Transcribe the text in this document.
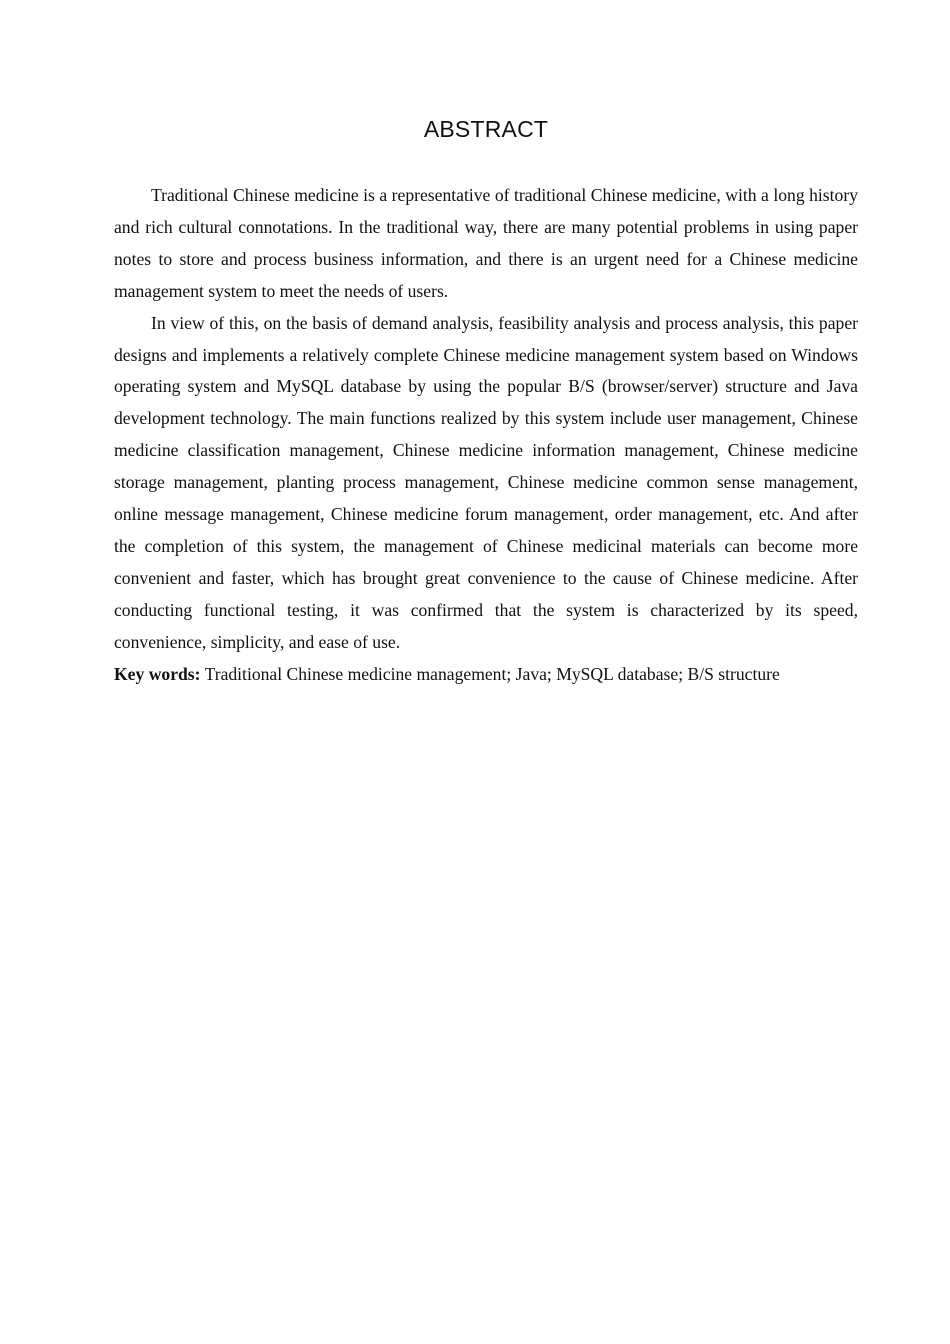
ABSTRACT

Traditional Chinese medicine is a representative of traditional Chinese medicine, with a long history and rich cultural connotations. In the traditional way, there are many potential problems in using paper notes to store and process business information, and there is an urgent need for a Chinese medicine management system to meet the needs of users.

In view of this, on the basis of demand analysis, feasibility analysis and process analysis, this paper designs and implements a relatively complete Chinese medicine management system based on Windows operating system and MySQL database by using the popular B/S (browser/server) structure and Java development technology. The main functions realized by this system include user management, Chinese medicine classification management, Chinese medicine information management, Chinese medicine storage management, planting process management, Chinese medicine common sense management, online message management, Chinese medicine forum management, order management, etc. And after the completion of this system, the management of Chinese medicinal materials can become more convenient and faster, which has brought great convenience to the cause of Chinese medicine. After conducting functional testing, it was confirmed that the system is characterized by its speed, convenience, simplicity, and ease of use.

Key words: Traditional Chinese medicine management; Java; MySQL database; B/S structure
